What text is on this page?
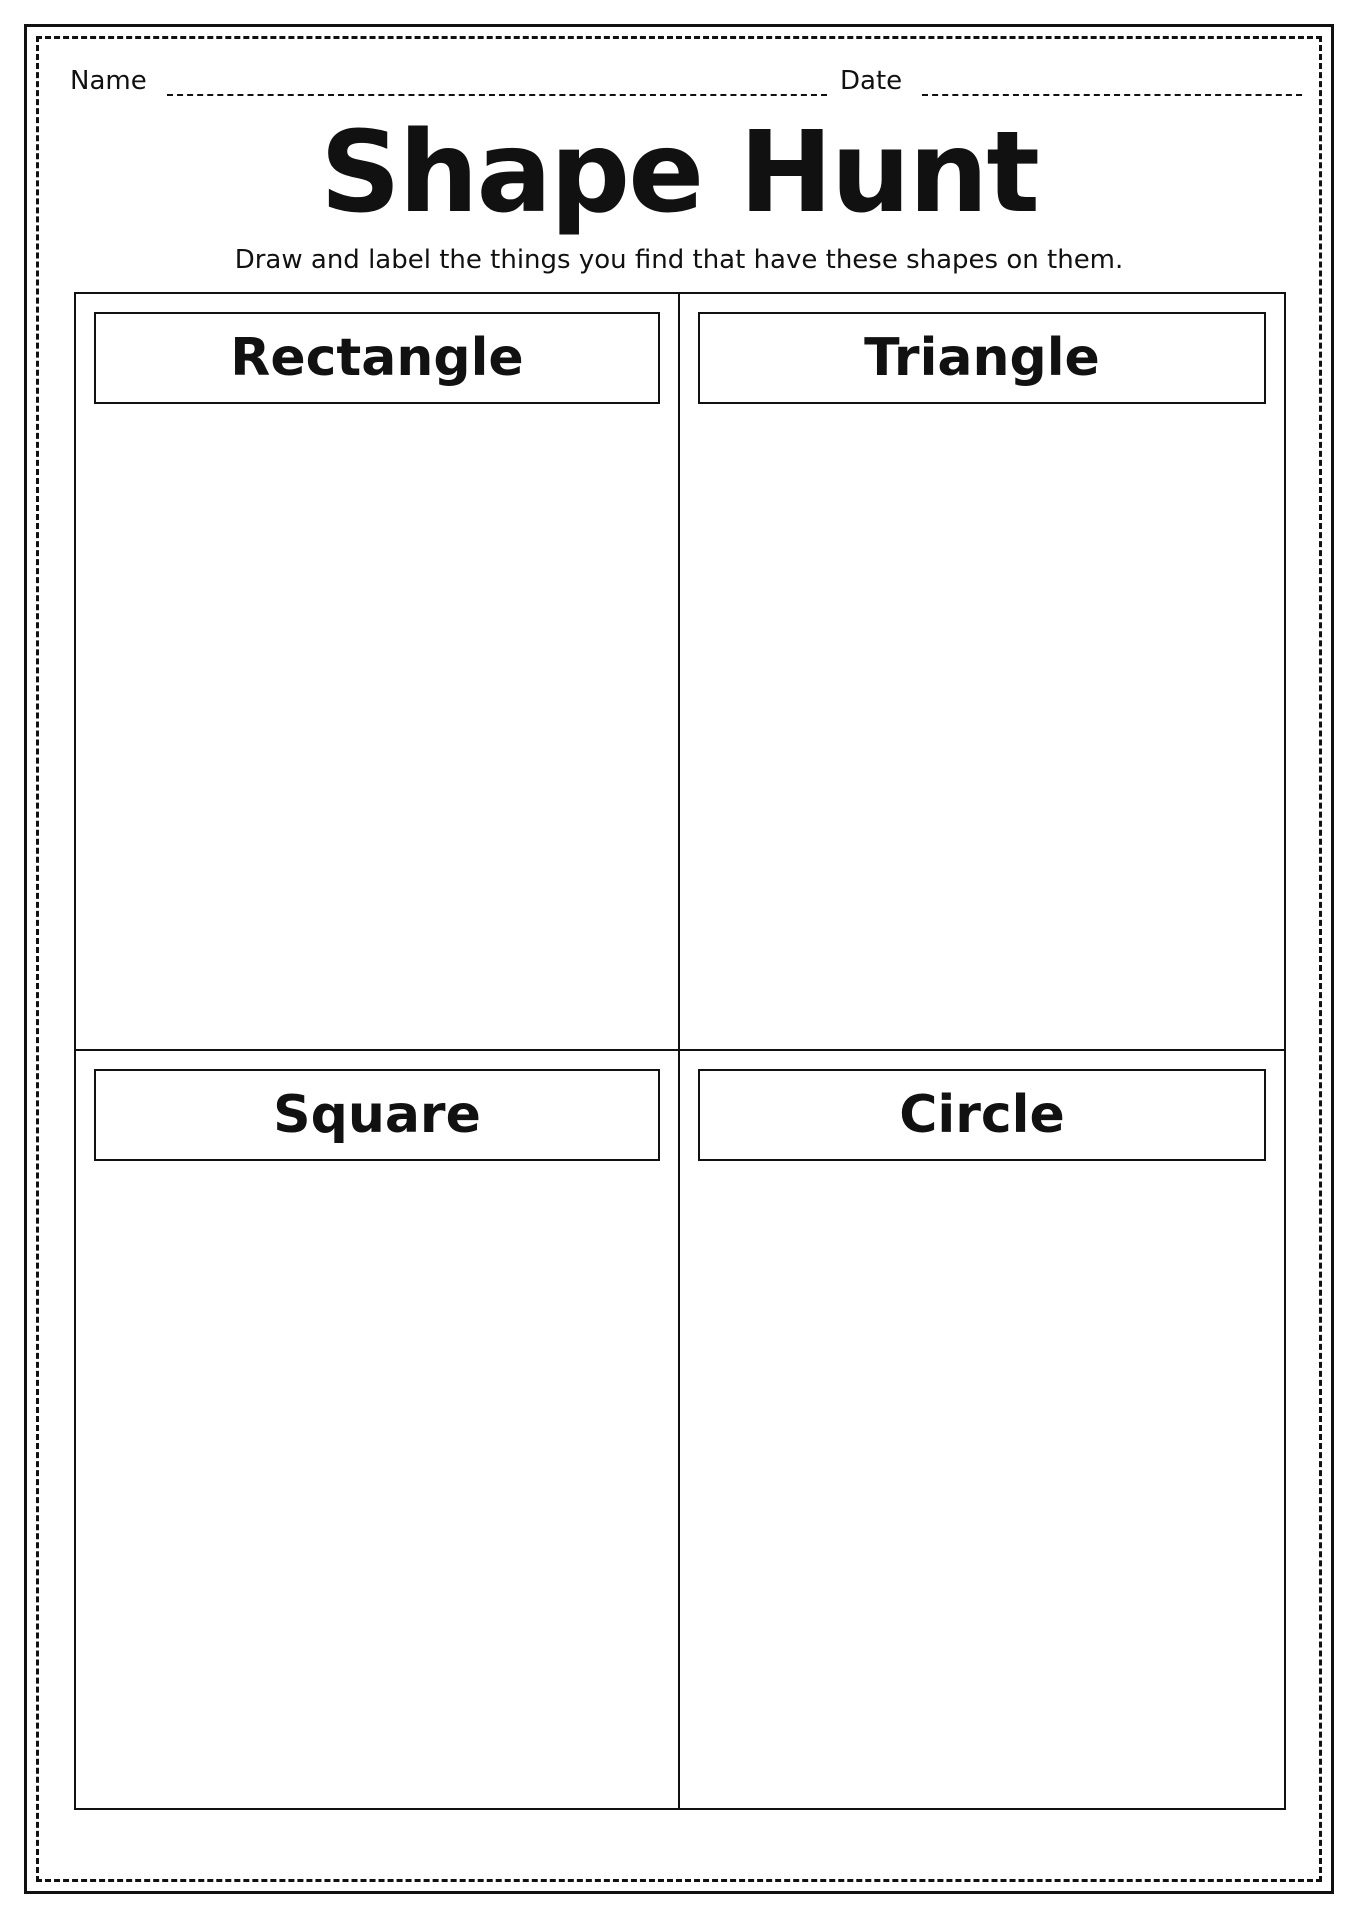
Name	Date
Shape Hunt
Draw and label the things you find that have these shapes on them.
Rectangle	Triangle
Square	Circle
